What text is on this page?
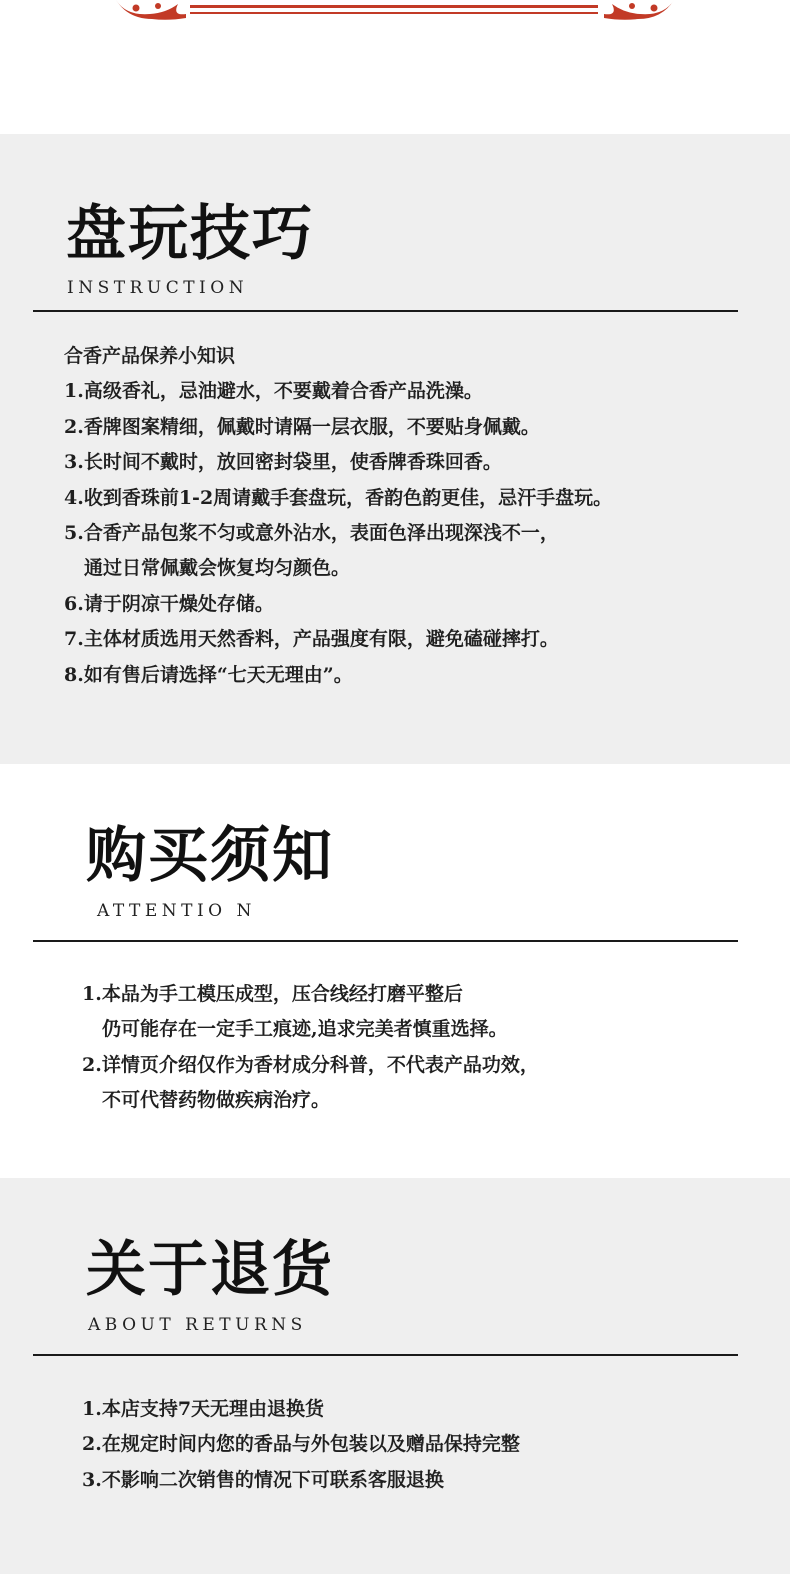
盘玩技巧
INSTRUCTION
合香产品保养小知识
1.高级香礼，忌油避水，不要戴着合香产品洗澡。
2.香牌图案精细，佩戴时请隔一层衣服，不要贴身佩戴。
3.长时间不戴时，放回密封袋里，使香牌香珠回香。
4.收到香珠前1-2周请戴手套盘玩，香韵色韵更佳，忌汗手盘玩。
5.合香产品包浆不匀或意外沾水，表面色泽出现深浅不一，
通过日常佩戴会恢复均匀颜色。
6.请于阴凉干燥处存储。
7.主体材质选用天然香料，产品强度有限，避免磕碰摔打。
8.如有售后请选择“七天无理由”。
购买须知
ATTENTIO N
1.本品为手工模压成型，压合线经打磨平整后
仍可能存在一定手工痕迹,追求完美者慎重选择。
2.详情页介绍仅作为香材成分科普，不代表产品功效，
不可代替药物做疾病治疗。
关于退货
ABOUT RETURNS
1.本店支持7天无理由退换货
2.在规定时间内您的香品与外包装以及赠品保持完整
3.不影响二次销售的情况下可联系客服退换
